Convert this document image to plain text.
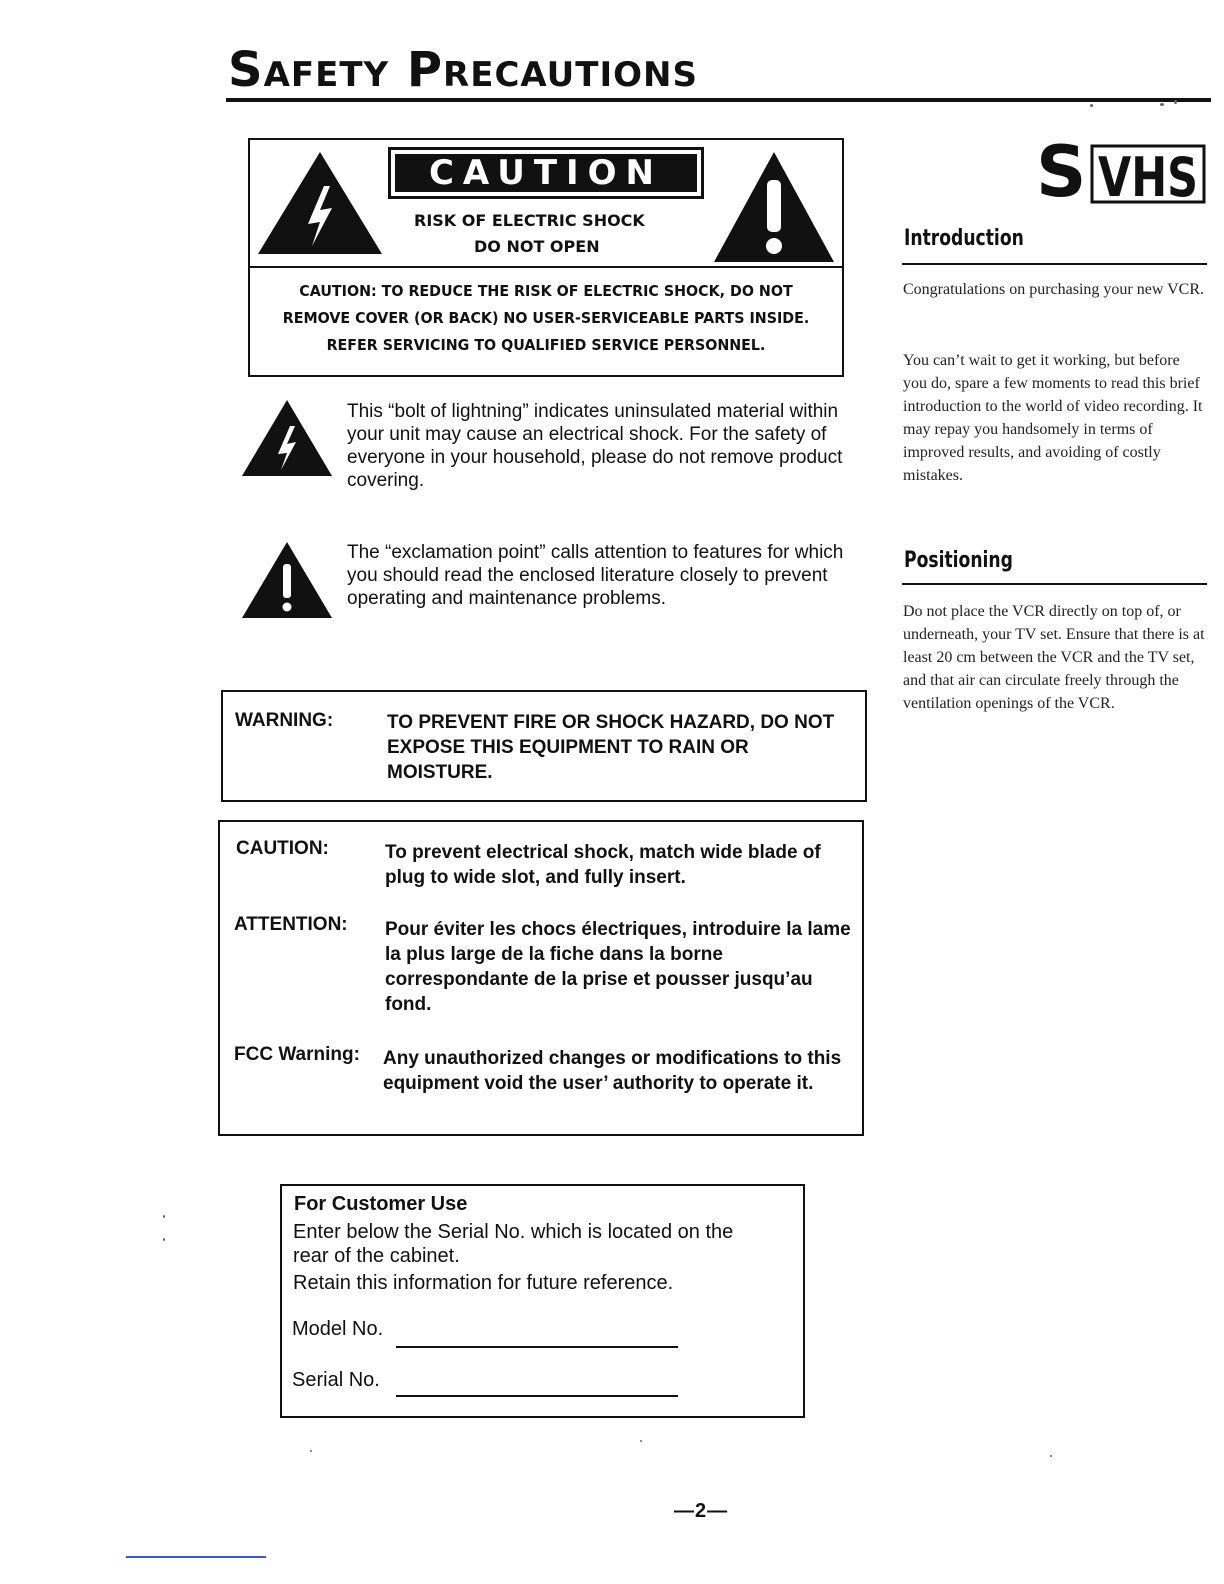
Safety Precautions
S VHS
Introduction

Congratulations on purchasing your new VCR.

You can’t wait to get it working, but before you do, spare a few moments to read this brief introduction to the world of video recording. It may repay you handsomely in terms of improved results, and avoiding of costly mistakes.

Positioning

Do not place the VCR directly on top of, or underneath, your TV set. Ensure that there is at least 20 cm between the VCR and the TV set, and that air can circulate freely through the ventilation openings of the VCR.

CAUTION

RISK OF ELECTRIC SHOCK

DO NOT OPEN

CAUTION: TO REDUCE THE RISK OF ELECTRIC SHOCK, DO NOT REMOVE COVER (OR BACK) NO USER-SERVICEABLE PARTS INSIDE. REFER SERVICING TO QUALIFIED SERVICE PERSONNEL.

This “bolt of lightning” indicates uninsulated material within your unit may cause an electrical shock. For the safety of everyone in your household, please do not remove product covering.

The “exclamation point” calls attention to features for which you should read the enclosed literature closely to prevent operating and maintenance problems.

WARNING:	TO PREVENT FIRE OR SHOCK HAZARD, DO NOT EXPOSE THIS EQUIPMENT TO RAIN OR MOISTURE.
CAUTION:	To prevent electrical shock, match wide blade of plug to wide slot, and fully insert.
ATTENTION: Pour éviter les chocs électriques, introduire la lame la plus large de la fiche dans la borne correspondante de la prise et pousser jusqu’au fond.
FCC Warning: Any unauthorized changes or modifications to this equipment void the user’ authority to operate it.

For Customer Use

Enter below the Serial No. which is located on the

rear of the cabinet.

Retain this information for future reference.

Model No.

Serial No.

—2—
